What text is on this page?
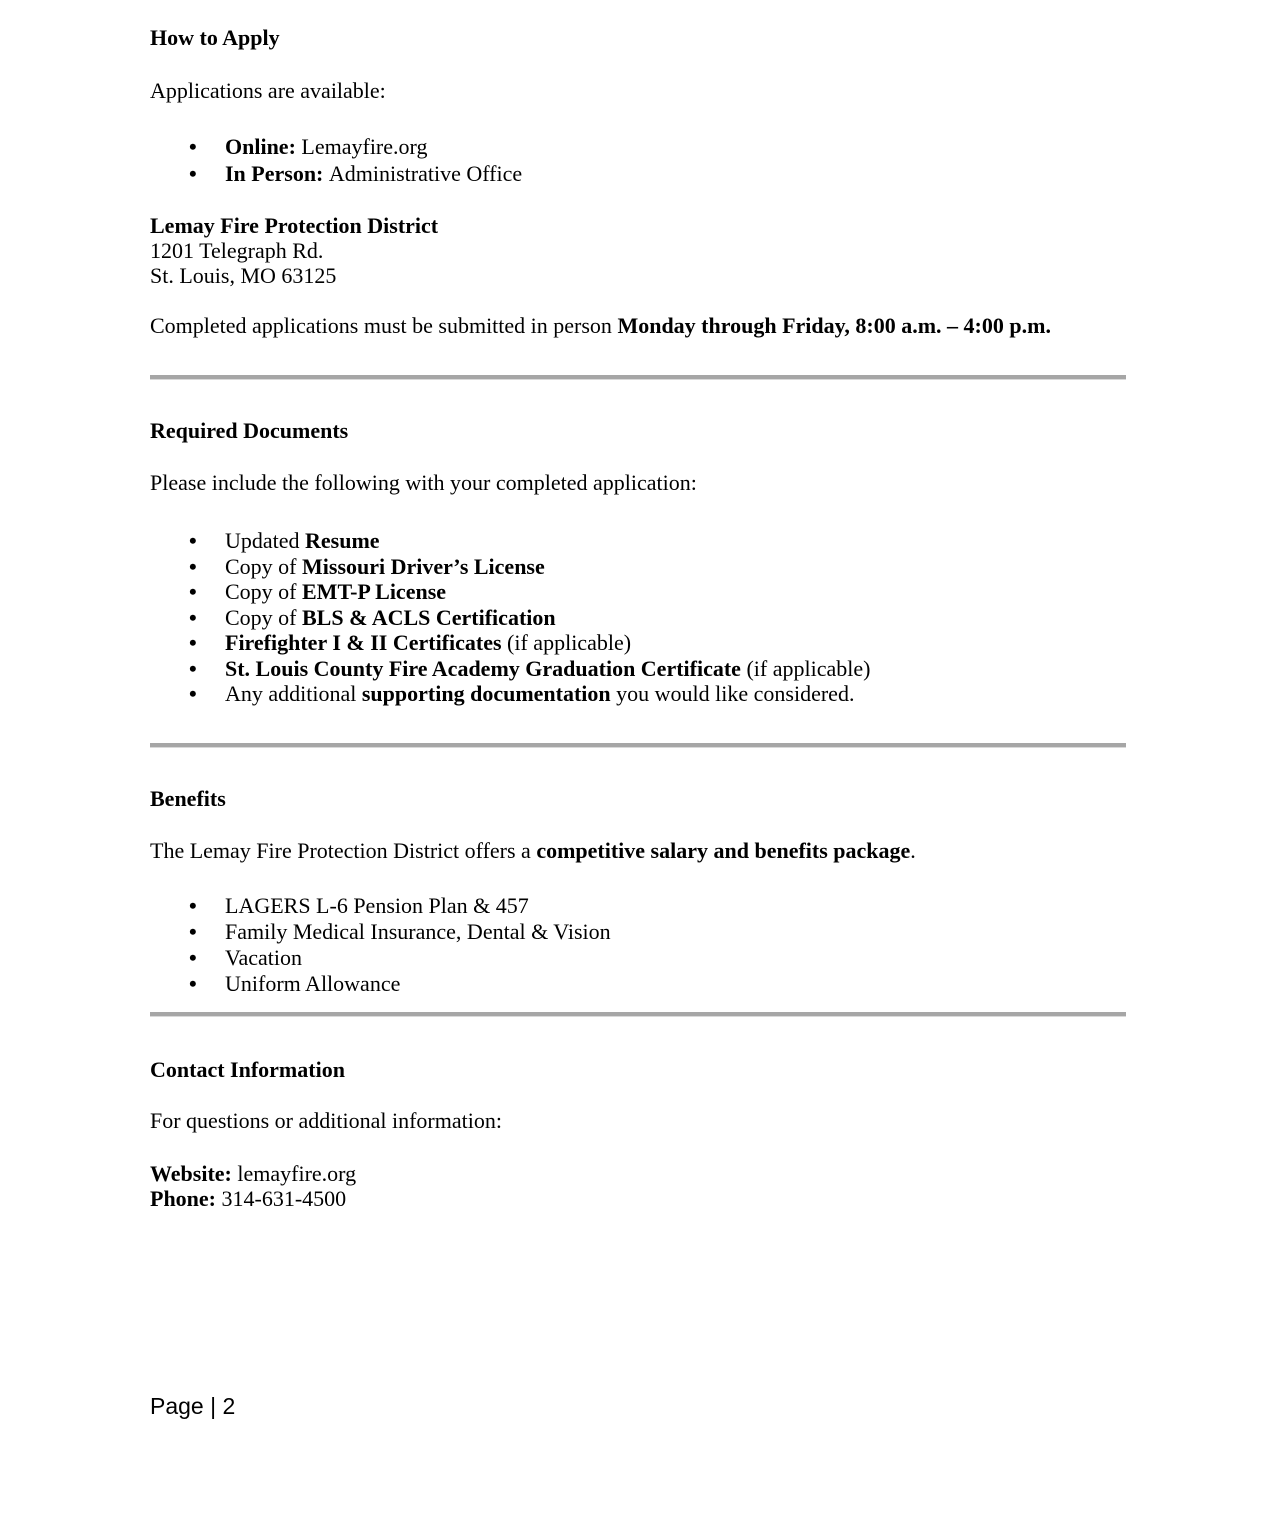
How to Apply

Applications are available:

• Online: Lemayfire.org
• In Person: Administrative Office
Lemay Fire Protection District
1201 Telegraph Rd.
St. Louis, MO 63125

Completed applications must be submitted in person Monday through Friday, 8:00 a.m. – 4:00 p.m.

Required Documents

Please include the following with your completed application:

• Updated Resume
• Copy of Missouri Driver’s License
• Copy of EMT-P License
• Copy of BLS & ACLS Certification
• Firefighter I & II Certificates (if applicable)
• St. Louis County Fire Academy Graduation Certificate (if applicable)
• Any additional supporting documentation you would like considered.

Benefits

The Lemay Fire Protection District offers a competitive salary and benefits package.

• LAGERS L-6 Pension Plan & 457
• Family Medical Insurance, Dental & Vision
• Vacation
• Uniform Allowance

Contact Information

For questions or additional information:

Website: lemayfire.org
Phone: 314-631-4500
Page | 2
